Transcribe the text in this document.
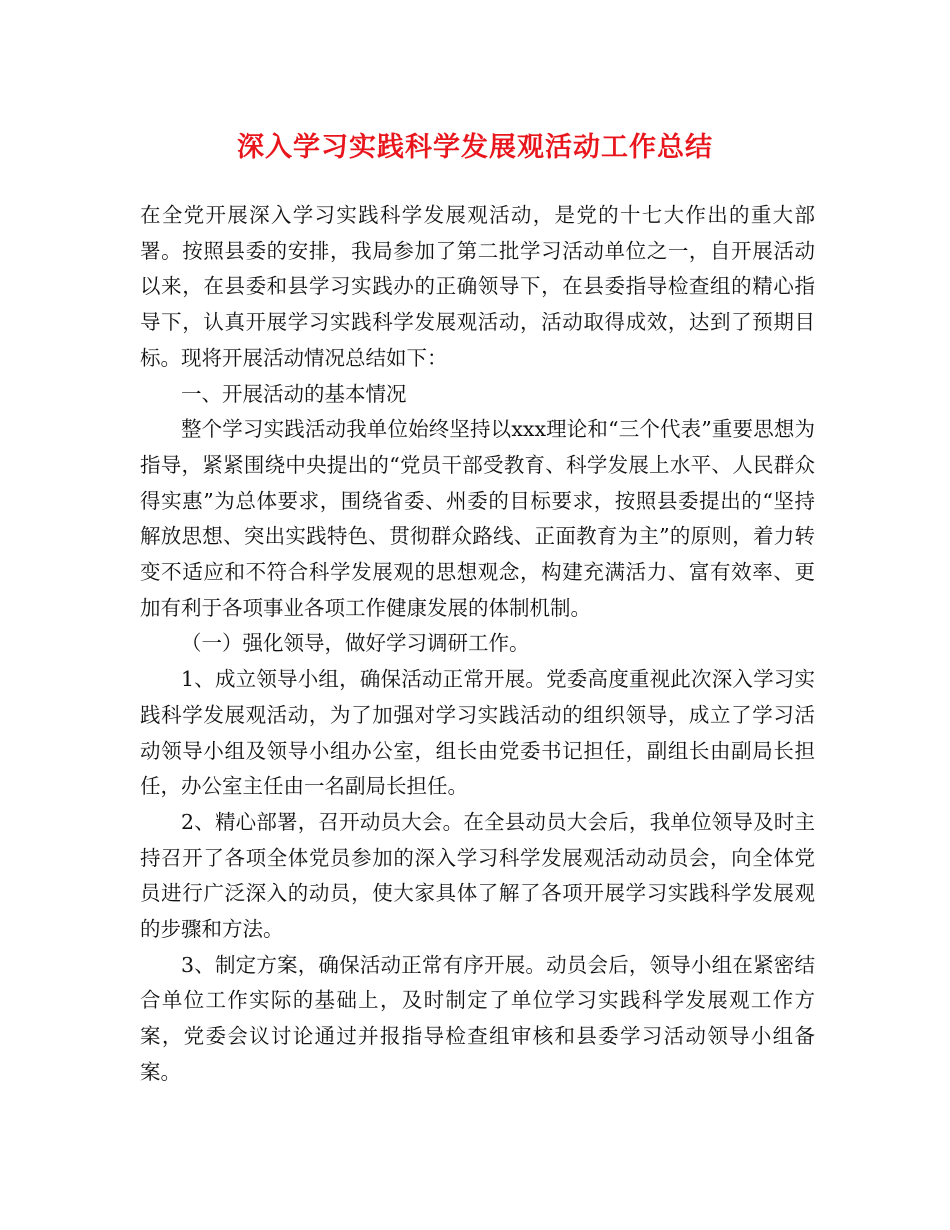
深入学习实践科学发展观活动工作总结

在全党开展深入学习实践科学发展观活动，是党的十七大作出的重大部署。按照县委的安排，我局参加了第二批学习活动单位之一，自开展活动以来，在县委和县学习实践办的正确领导下，在县委指导检查组的精心指导下，认真开展学习实践科学发展观活动，活动取得成效，达到了预期目标。现将开展活动情况总结如下：

一、开展活动的基本情况

整个学习实践活动我单位始终坚持以xxx理论和“三个代表”重要思想为指导，紧紧围绕中央提出的“党员干部受教育、科学发展上水平、人民群众得实惠”为总体要求，围绕省委、州委的目标要求，按照县委提出的“坚持解放思想、突出实践特色、贯彻群众路线、正面教育为主”的原则，着力转变不适应和不符合科学发展观的思想观念，构建充满活力、富有效率、更加有利于各项事业各项工作健康发展的体制机制。

（一）强化领导，做好学习调研工作。

1、成立领导小组，确保活动正常开展。党委高度重视此次深入学习实践科学发展观活动，为了加强对学习实践活动的组织领导，成立了学习活动领导小组及领导小组办公室，组长由党委书记担任，副组长由副局长担任，办公室主任由一名副局长担任。

2、精心部署，召开动员大会。在全县动员大会后，我单位领导及时主持召开了各项全体党员参加的深入学习科学发展观活动动员会，向全体党员进行广泛深入的动员，使大家具体了解了各项开展学习实践科学发展观的步骤和方法。

3、制定方案，确保活动正常有序开展。动员会后，领导小组在紧密结合单位工作实际的基础上，及时制定了单位学习实践科学发展观工作方案，党委会议讨论通过并报指导检查组审核和县委学习活动领导小组备案。
